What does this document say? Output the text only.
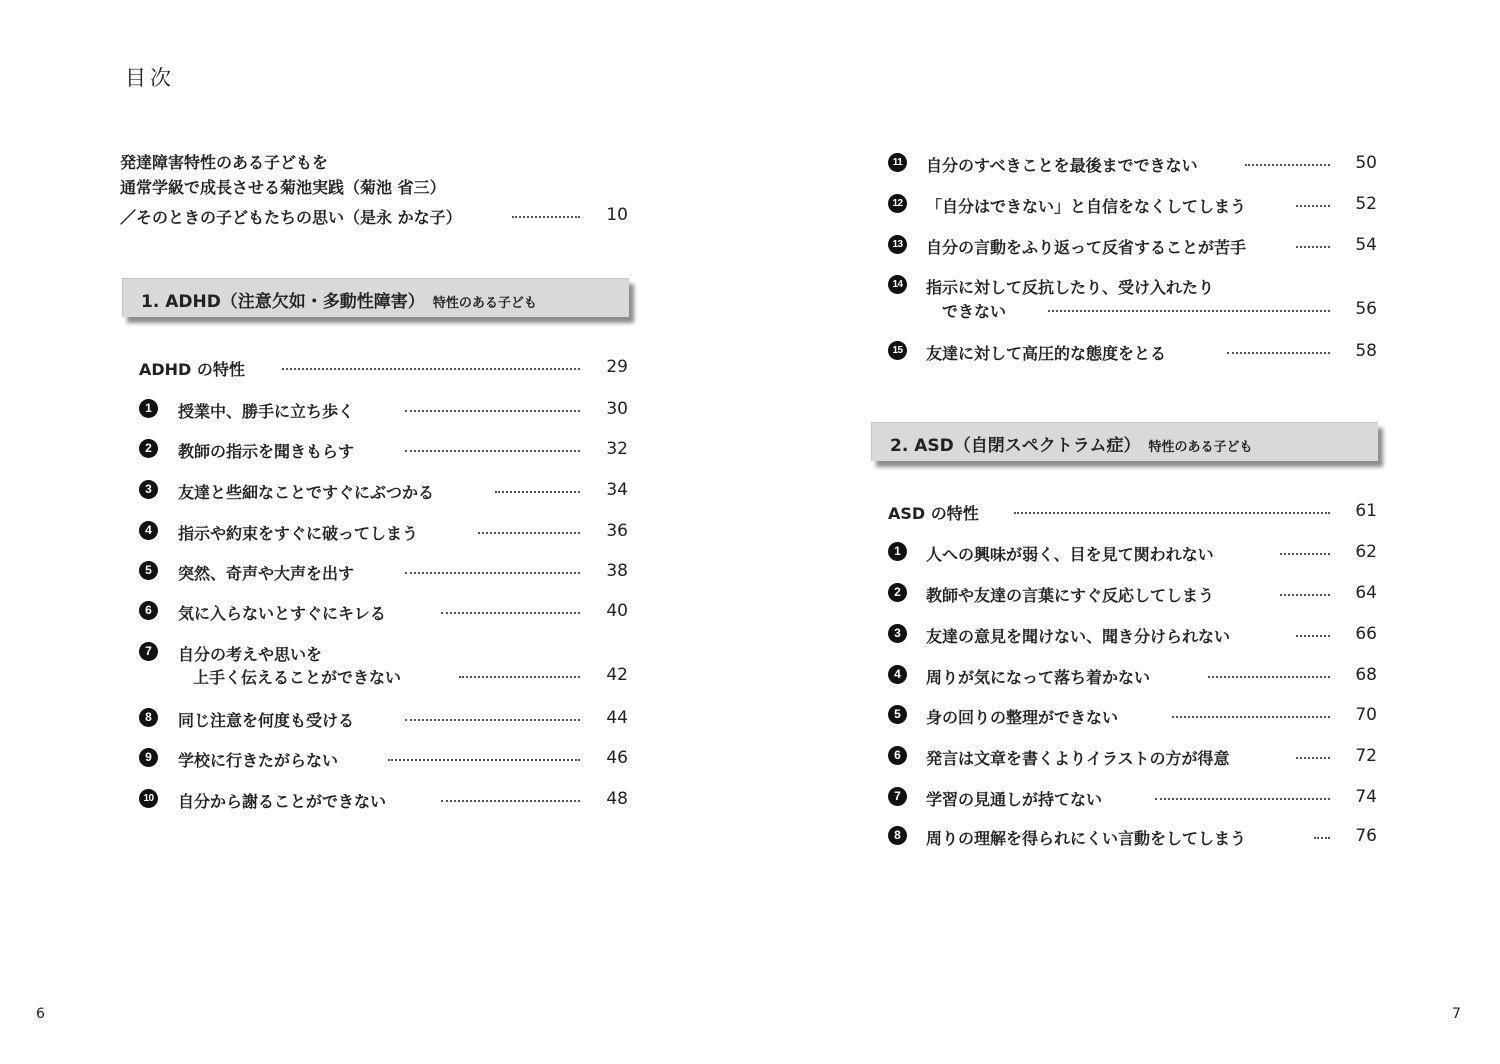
目次
発達障害特性のある子どもを
通常学級で成長させる菊池実践（菊池 省三）
／そのときの子どもたちの思い（是永 かな子）	10
1. ADHD（注意欠如・多動性障害） 特性のある子ども
ADHD の特性	29
1	授業中、勝手に立ち歩く	30
2	教師の指示を聞きもらす	32
3	友達と些細なことですぐにぶつかる	34
4	指示や約束をすぐに破ってしまう	36
5	突然、奇声や大声を出す	38
6	気に入らないとすぐにキレる	40
7	自分の考えや思いを
上手く伝えることができない	42
8	同じ注意を何度も受ける	44
9	学校に行きたがらない	46
10 自分から謝ることができない	48
11 自分のすべきことを最後までできない	50
12 「自分はできない」と自信をなくしてしまう	52
13 自分の言動をふり返って反省することが苦手	54
14 指示に対して反抗したり、受け入れたり
できない	56
15 友達に対して高圧的な態度をとる	58
2. ASD（自閉スペクトラム症） 特性のある子ども
ASD の特性	61
1	人への興味が弱く、目を見て関われない	62
2	教師や友達の言葉にすぐ反応してしまう	64
3	友達の意見を聞けない、聞き分けられない	66
4	周りが気になって落ち着かない	68
5	身の回りの整理ができない	70
6	発言は文章を書くよりイラストの方が得意	72
7	学習の見通しが持てない	74
8	周りの理解を得られにくい言動をしてしまう	76
6	7
